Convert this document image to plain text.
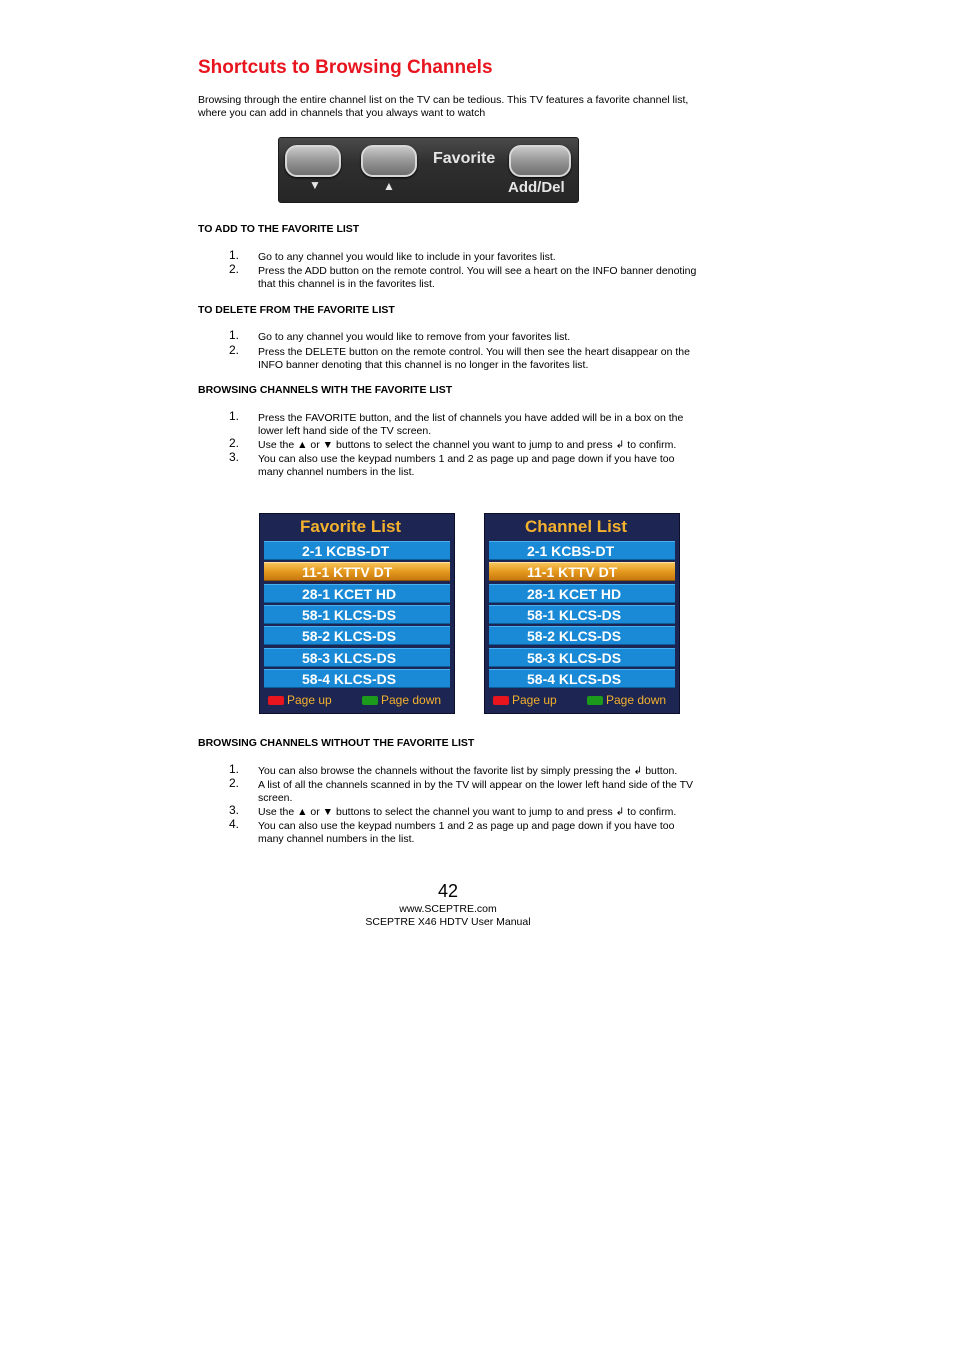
Shortcuts to Browsing Channels
Browsing through the entire channel list on the TV can be tedious. This TV features a favorite channel list, where you can add in channels that you always want to watch
▼	▲
Favorite
Add/Del
TO ADD TO THE FAVORITE LIST
1. Go to any channel you would like to include in your favorites list.
2. Press the ADD button on the remote control. You will see a heart on the INFO banner denoting that this channel is in the favorites list.
TO DELETE FROM THE FAVORITE LIST
1. Go to any channel you would like to remove from your favorites list.
2. Press the DELETE button on the remote control. You will then see the heart disappear on the INFO banner denoting that this channel is no longer in the favorites list.
BROWSING CHANNELS WITH THE FAVORITE LIST
1. Press the FAVORITE button, and the list of channels you have added will be in a box on the lower left hand side of the TV screen.
2. Use the ▲ or ▼ buttons to select the channel you want to jump to and press ↲ to confirm.
3. You can also use the keypad numbers 1 and 2 as page up and page down if you have too many channel numbers in the list.
Favorite List
2-1 KCBS-DT
11-1 KTTV DT
28-1 KCET HD
58-1 KLCS-DS
58-2 KLCS-DS
58-3 KLCS-DS
58-4 KLCS-DS
Page up	Page down
Channel List
2-1 KCBS-DT
11-1 KTTV DT
28-1 KCET HD
58-1 KLCS-DS
58-2 KLCS-DS
58-3 KLCS-DS
58-4 KLCS-DS
Page up	Page down
BROWSING CHANNELS WITHOUT THE FAVORITE LIST
1. You can also browse the channels without the favorite list by simply pressing the ↲ button.
2. A list of all the channels scanned in by the TV will appear on the lower left hand side of the TV screen.
3. Use the ▲ or ▼ buttons to select the channel you want to jump to and press ↲ to confirm.
4. You can also use the keypad numbers 1 and 2 as page up and page down if you have too many channel numbers in the list.
42
www.SCEPTRE.com
SCEPTRE X46 HDTV User Manual
